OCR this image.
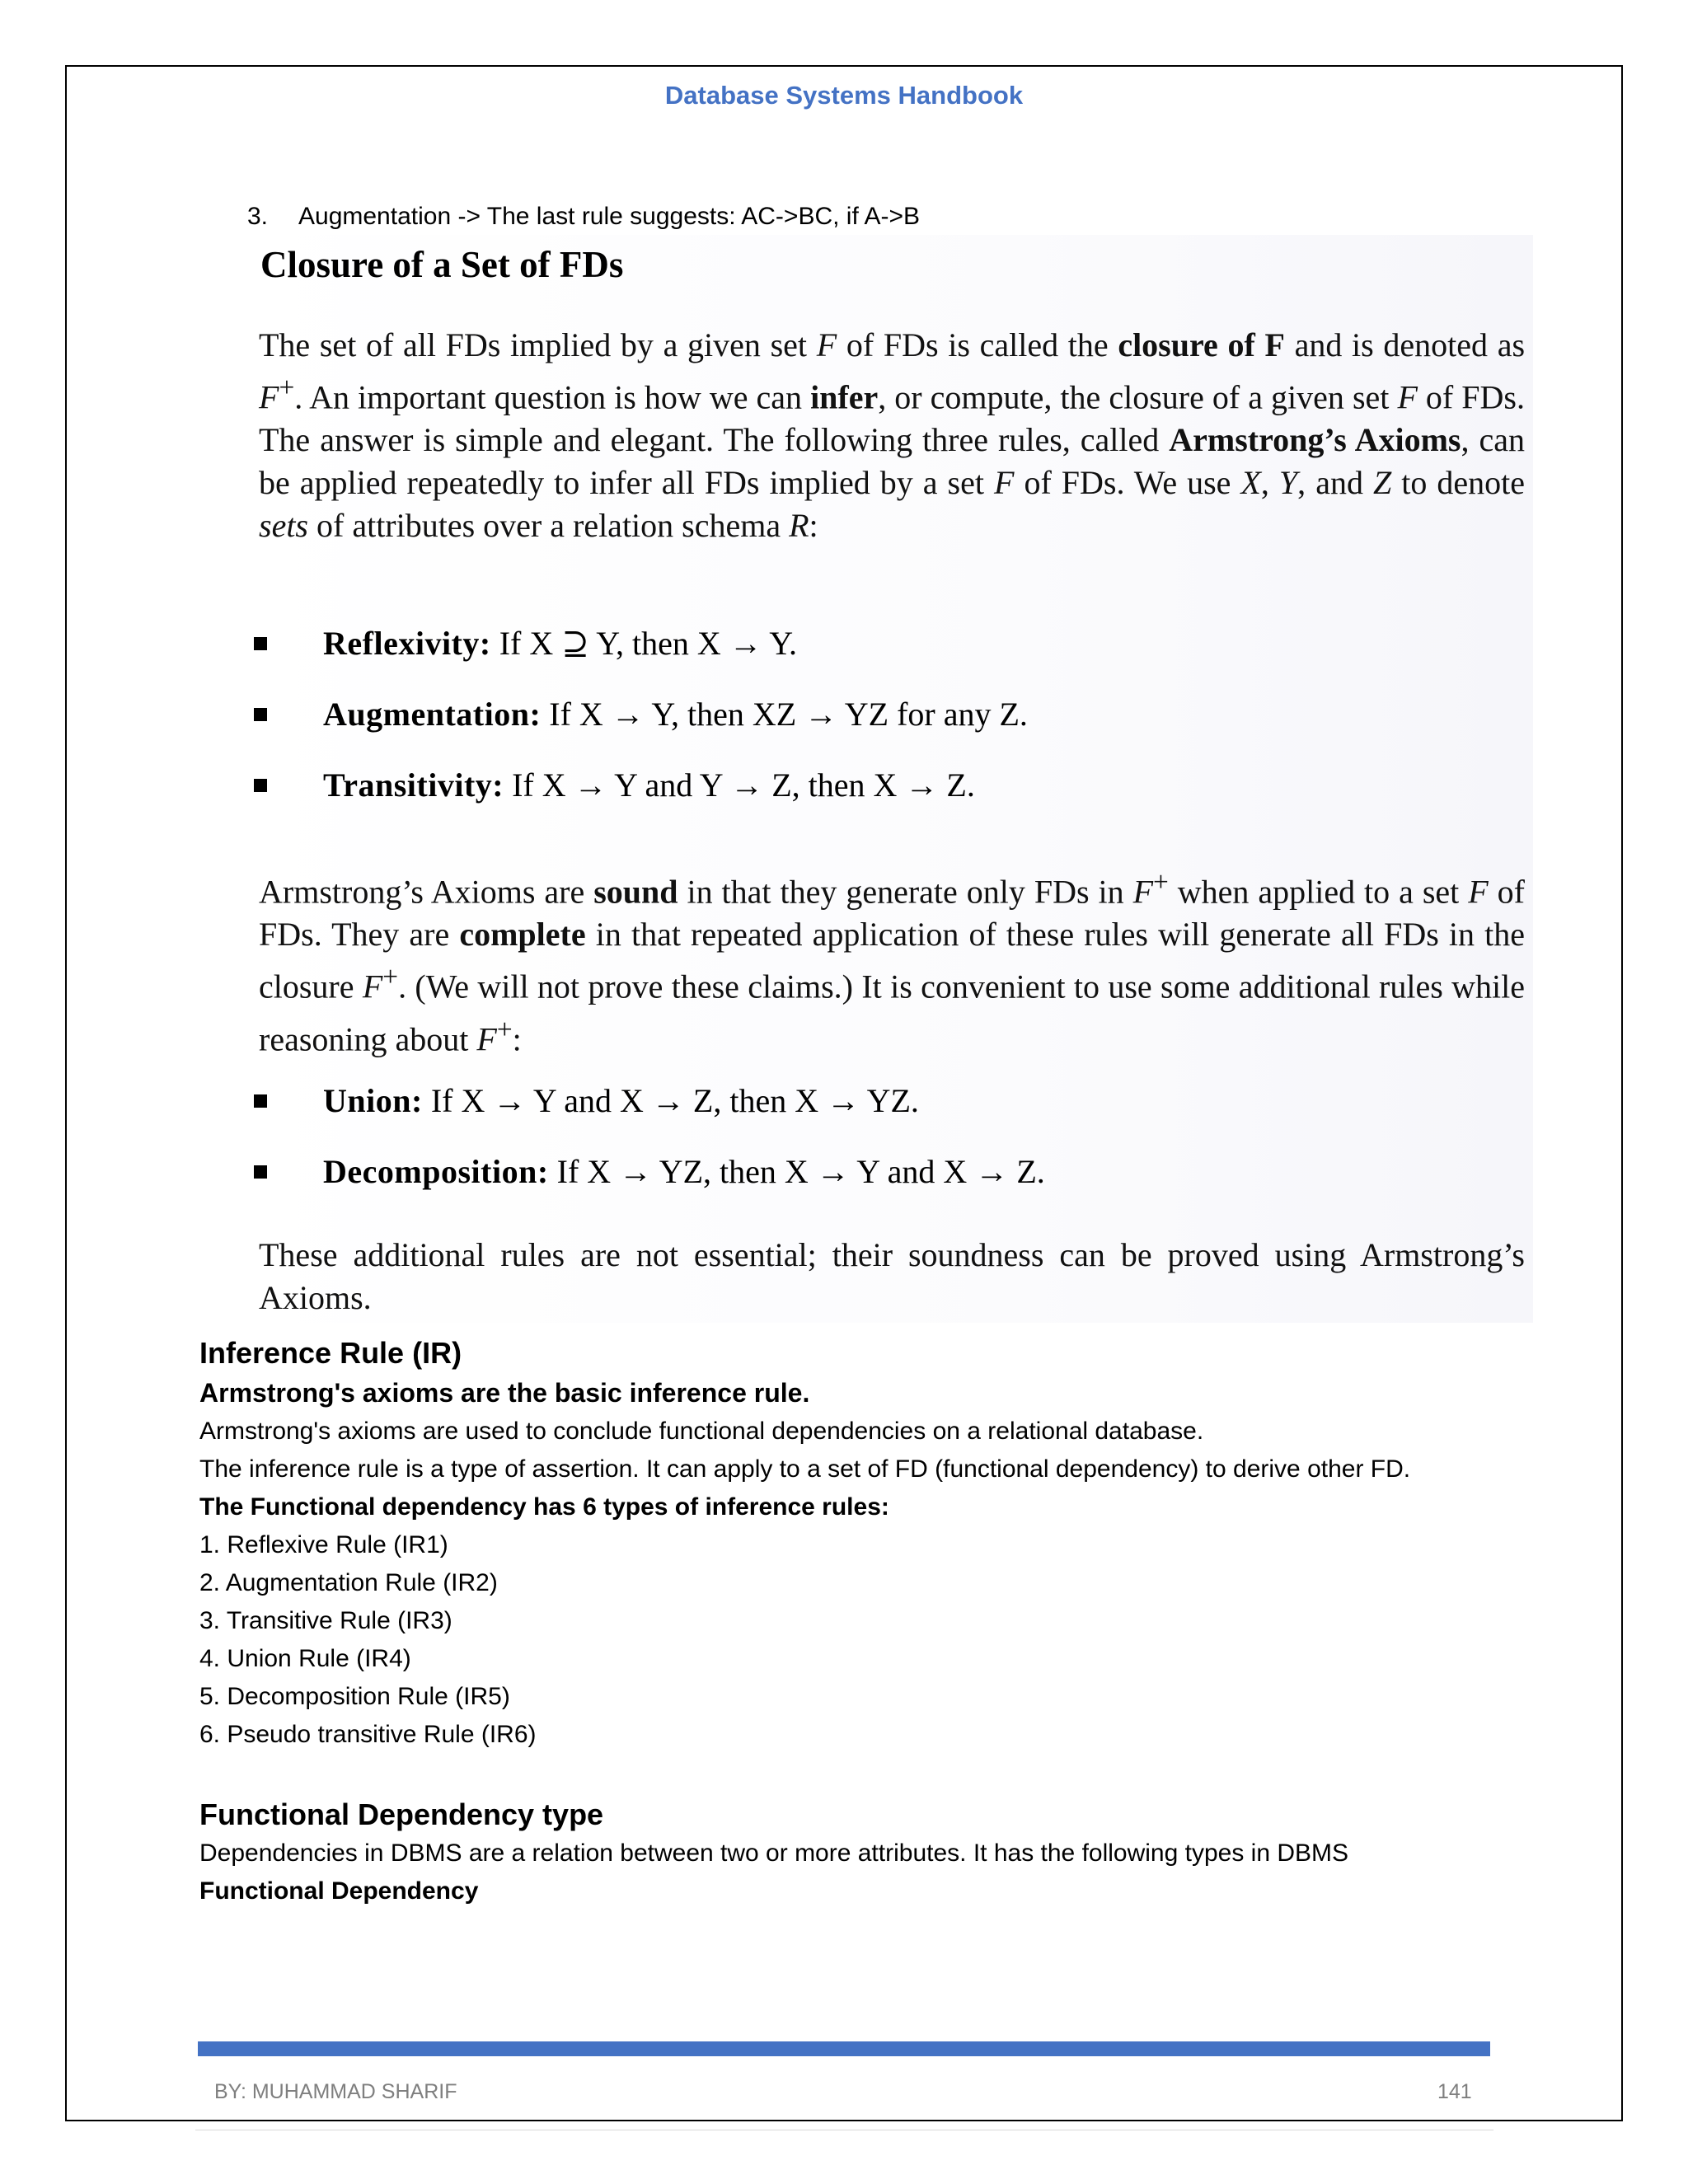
Database Systems Handbook
3. Augmentation -> The last rule suggests: AC->BC, if A->B
Closure of a Set of FDs
The set of all FDs implied by a given set F of FDs is called the closure of F and is denoted as F+. An important question is how we can infer, or compute, the closure of a given set F of FDs. The answer is simple and elegant. The following three rules, called Armstrong’s Axioms, can be applied repeatedly to infer all FDs implied by a set F of FDs. We use X, Y, and Z to denote sets of attributes over a relation schema R:
Reflexivity: If X ⊇ Y, then X → Y.
Augmentation: If X → Y, then XZ → YZ for any Z.
Transitivity: If X → Y and Y → Z, then X → Z.
Armstrong’s Axioms are sound in that they generate only FDs in F+ when applied to a set F of FDs. They are complete in that repeated application of these rules will generate all FDs in the closure F+. (We will not prove these claims.) It is convenient to use some additional rules while reasoning about F+:
Union: If X → Y and X → Z, then X → YZ.
Decomposition: If X → YZ, then X → Y and X → Z.
These additional rules are not essential; their soundness can be proved using Armstrong’s Axioms.
Inference Rule (IR)
Armstrong's axioms are the basic inference rule.
Armstrong's axioms are used to conclude functional dependencies on a relational database.
The inference rule is a type of assertion. It can apply to a set of FD (functional dependency) to derive other FD.
The Functional dependency has 6 types of inference rules:
1. Reflexive Rule (IR1)
2. Augmentation Rule (IR2)
3. Transitive Rule (IR3)
4. Union Rule (IR4)
5. Decomposition Rule (IR5)
6. Pseudo transitive Rule (IR6)
Functional Dependency type
Dependencies in DBMS are a relation between two or more attributes. It has the following types in DBMS
Functional Dependency
BY: MUHAMMAD SHARIF	141
